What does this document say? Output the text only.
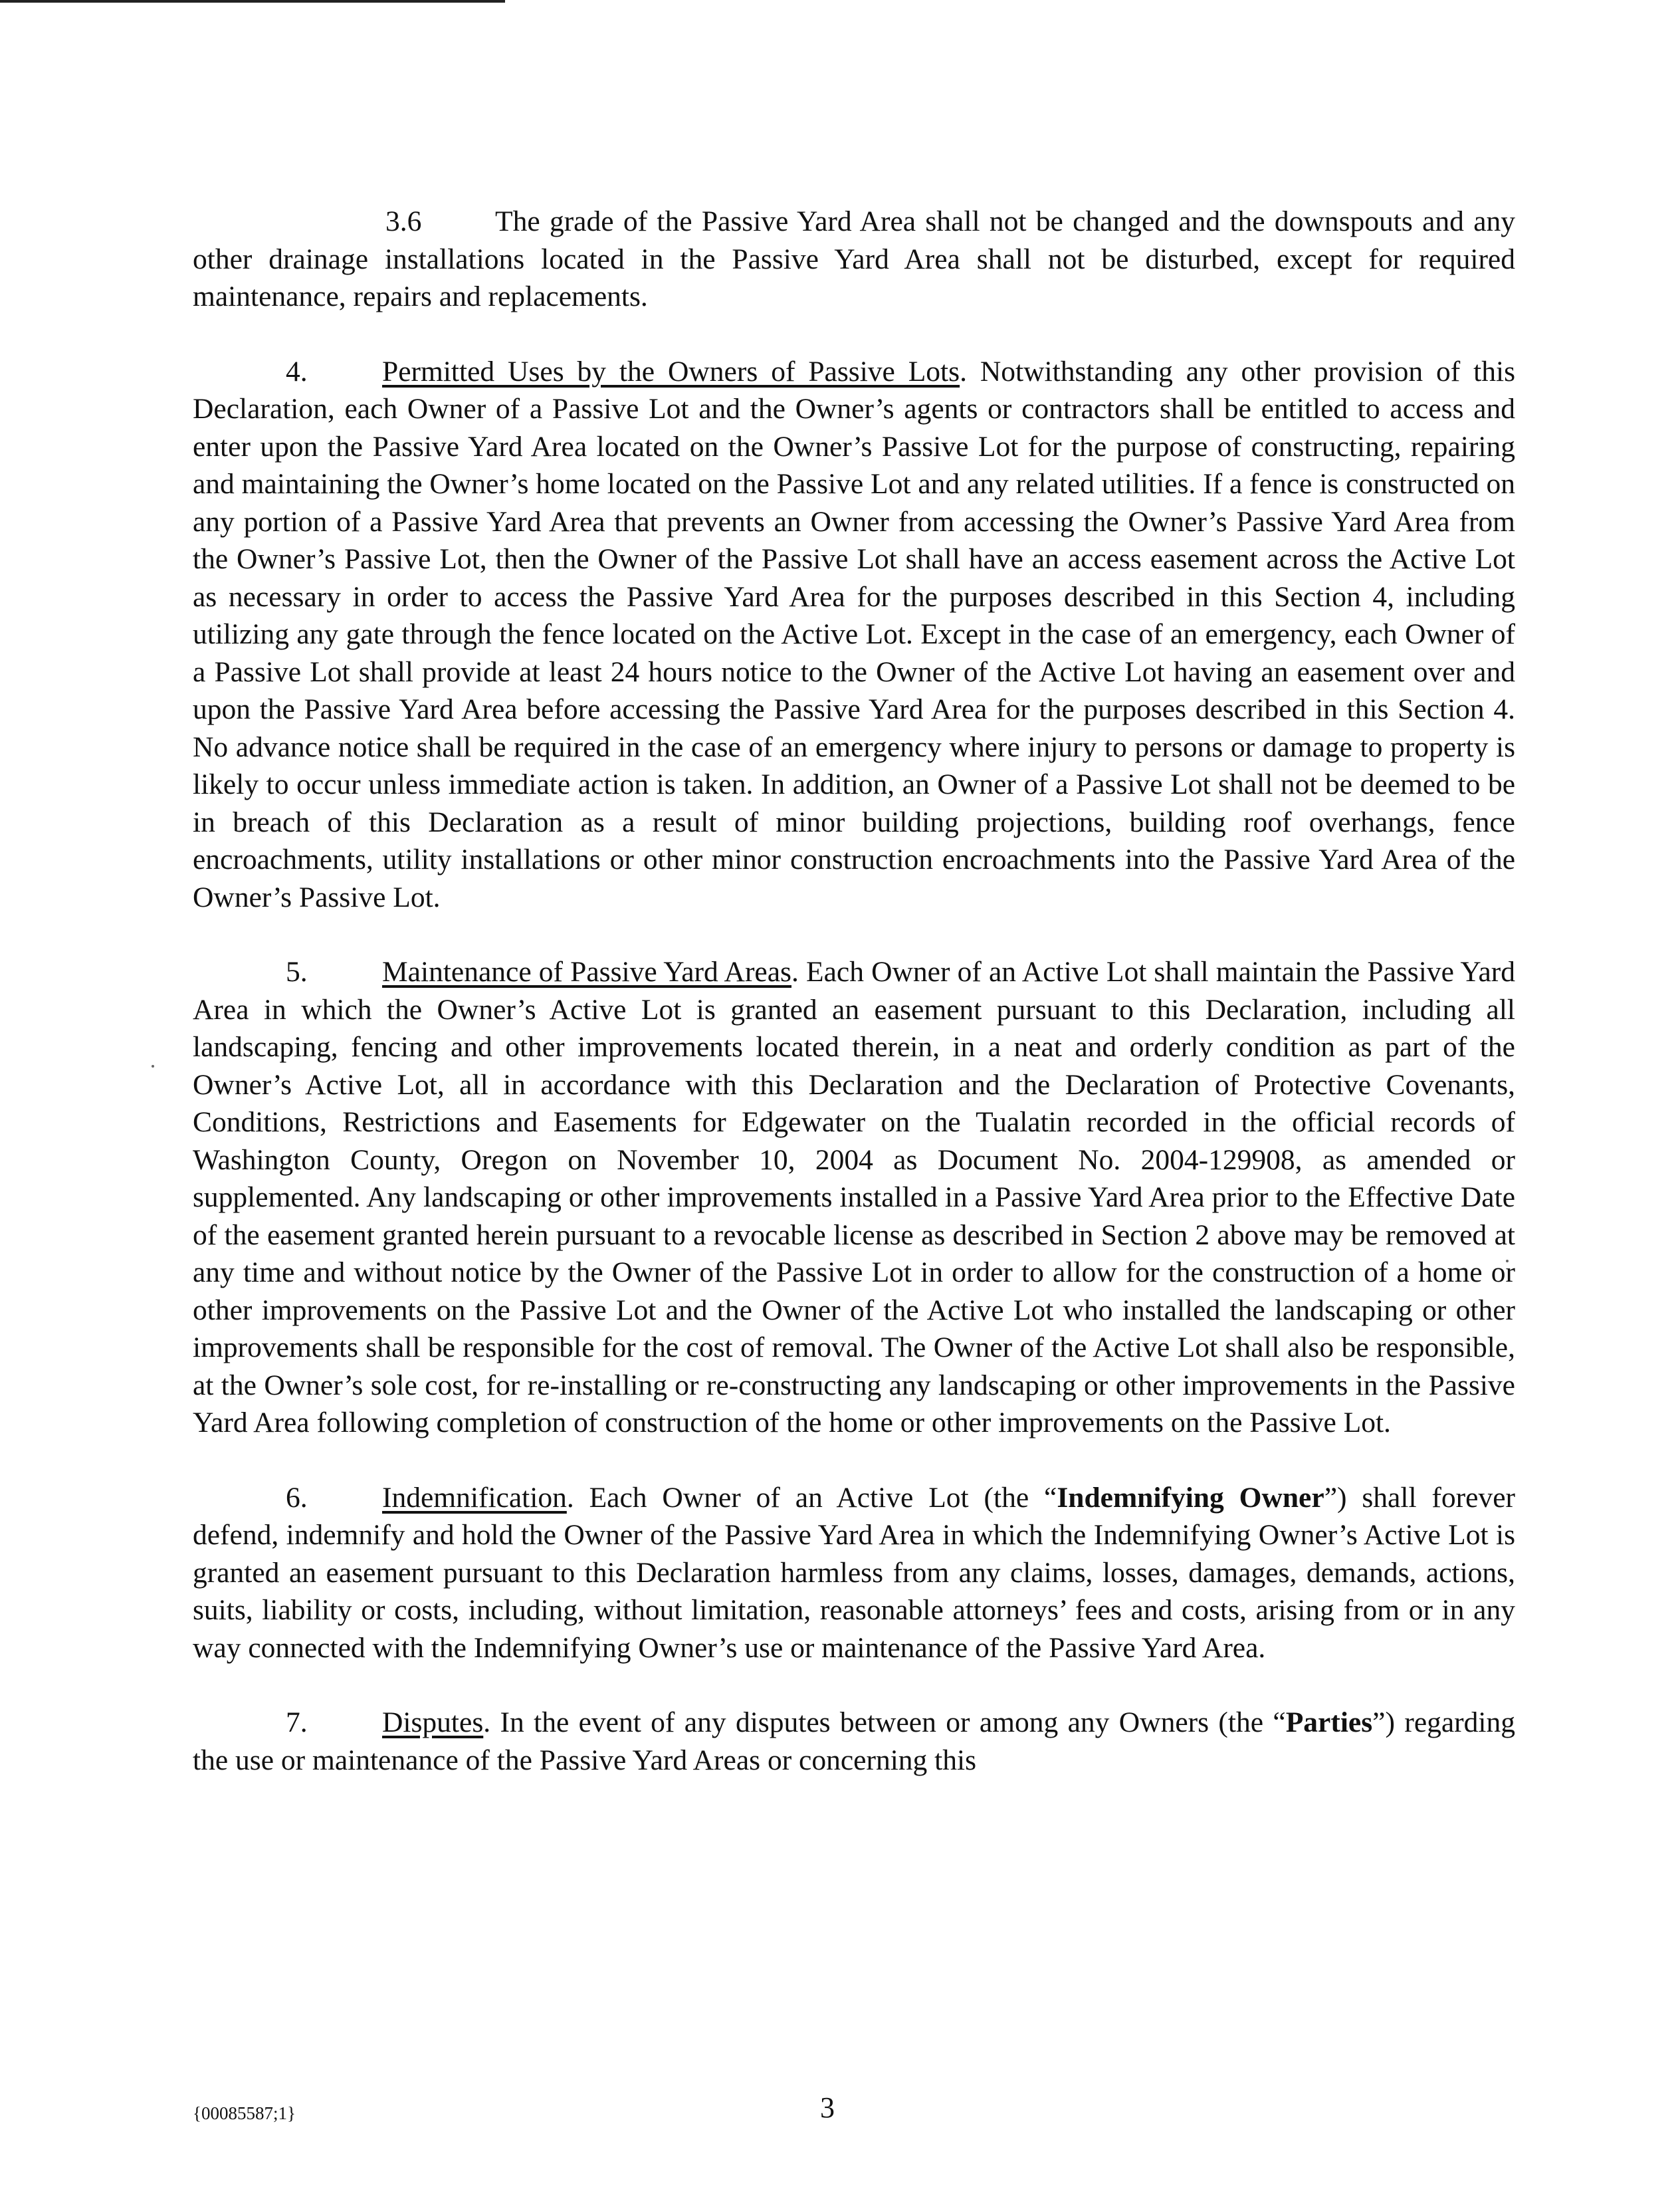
3.6	The grade of the Passive Yard Area shall not be changed and the downspouts and any other drainage installations located in the Passive Yard Area shall not be disturbed, except for required maintenance, repairs and replacements.

4.	Permitted Uses by the Owners of Passive Lots. Notwithstanding any other provision of this Declaration, each Owner of a Passive Lot and the Owner’s agents or contractors shall be entitled to access and enter upon the Passive Yard Area located on the Owner’s Passive Lot for the purpose of constructing, repairing and maintaining the Owner’s home located on the Passive Lot and any related utilities. If a fence is constructed on any portion of a Passive Yard Area that prevents an Owner from accessing the Owner’s Passive Yard Area from the Owner’s Passive Lot, then the Owner of the Passive Lot shall have an access easement across the Active Lot as necessary in order to access the Passive Yard Area for the purposes described in this Section 4, including utilizing any gate through the fence located on the Active Lot. Except in the case of an emergency, each Owner of a Passive Lot shall provide at least 24 hours notice to the Owner of the Active Lot having an easement over and upon the Passive Yard Area before accessing the Passive Yard Area for the purposes described in this Section 4. No advance notice shall be required in the case of an emergency where injury to persons or damage to property is likely to occur unless immediate action is taken. In addition, an Owner of a Passive Lot shall not be deemed to be in breach of this Declaration as a result of minor building projections, building roof overhangs, fence encroachments, utility installations or other minor construction encroachments into the Passive Yard Area of the Owner’s Passive Lot.

5.	Maintenance of Passive Yard Areas. Each Owner of an Active Lot shall maintain the Passive Yard Area in which the Owner’s Active Lot is granted an easement pursuant to this Declaration, including all landscaping, fencing and other improvements located therein, in a neat and orderly condition as part of the Owner’s Active Lot, all in accordance with this Declaration and the Declaration of Protective Covenants, Conditions, Restrictions and Easements for Edgewater on the Tualatin recorded in the official records of Washington County, Oregon on November 10, 2004 as Document No. 2004-129908, as amended or supplemented. Any landscaping or other improvements installed in a Passive Yard Area prior to the Effective Date of the easement granted herein pursuant to a revocable license as described in Section 2 above may be removed at any time and without notice by the Owner of the Passive Lot in order to allow for the construction of a home or other improvements on the Passive Lot and the Owner of the Active Lot who installed the landscaping or other improvements shall be responsible for the cost of removal. The Owner of the Active Lot shall also be responsible, at the Owner’s sole cost, for re-installing or re-constructing any landscaping or other improvements in the Passive Yard Area following completion of construction of the home or other improvements on the Passive Lot.

6.	Indemnification. Each Owner of an Active Lot (the “Indemnifying Owner”) shall forever defend, indemnify and hold the Owner of the Passive Yard Area in which the Indemnifying Owner’s Active Lot is granted an easement pursuant to this Declaration harmless from any claims, losses, damages, demands, actions, suits, liability or costs, including, without limitation, reasonable attorneys’ fees and costs, arising from or in any way connected with the Indemnifying Owner’s use or maintenance of the Passive Yard Area.

7.	Disputes. In the event of any disputes between or among any Owners (the “Parties”) regarding the use or maintenance of the Passive Yard Areas or concerning this

{00085587;1}	3
